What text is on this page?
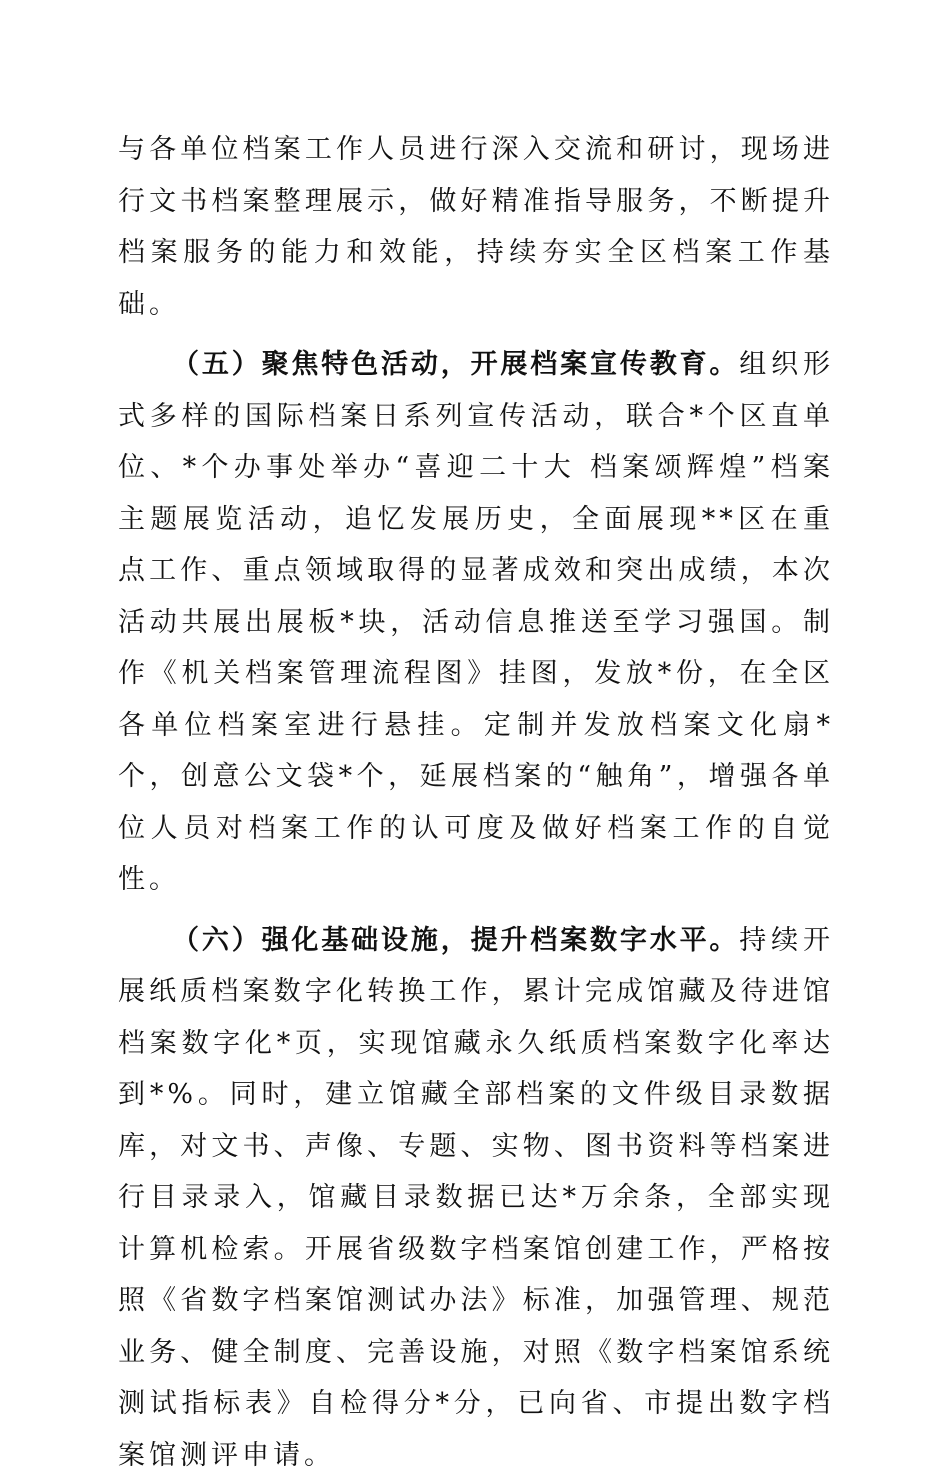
与各单位档案工作人员进行深入交流和研讨，现场进行文书档案整理展示，做好精准指导服务，不断提升档案服务的能力和效能，持续夯实全区档案工作基础。

（五）聚焦特色活动，开展档案宣传教育。组织形式多样的国际档案日系列宣传活动，联合*个区直单位、*个办事处举办“喜迎二十大 档案颂辉煌”档案主题展览活动，追忆发展历史，全面展现**区在重点工作、重点领域取得的显著成效和突出成绩，本次活动共展出展板*块，活动信息推送至学习强国。制作《机关档案管理流程图》挂图，发放*份，在全区各单位档案室进行悬挂。定制并发放档案文化扇*个，创意公文袋*个，延展档案的“触角”，增强各单位人员对档案工作的认可度及做好档案工作的自觉性。

（六）强化基础设施，提升档案数字水平。持续开展纸质档案数字化转换工作，累计完成馆藏及待进馆档案数字化*页，实现馆藏永久纸质档案数字化率达到*%。同时，建立馆藏全部档案的文件级目录数据库，对文书、声像、专题、实物、图书资料等档案进行目录录入，馆藏目录数据已达*万余条，全部实现计算机检索。开展省级数字档案馆创建工作，严格按照《省数字档案馆测试办法》标准，加强管理、规范业务、健全制度、完善设施，对照《数字档案馆系统测试指标表》自检得分*分，已向省、市提出数字档案馆测评申请。
